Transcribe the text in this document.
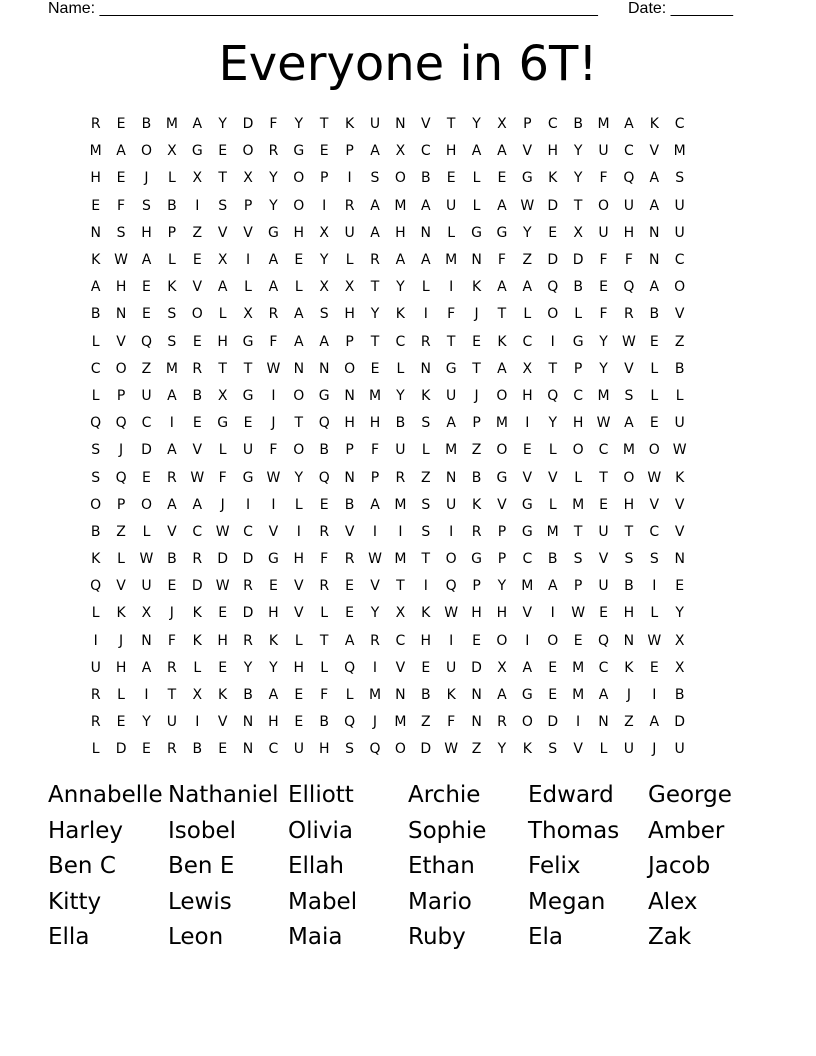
Name: ________________________________________________________ Date: _______
Everyone in 6T!
R	E	B	M	A	Y	D	F	Y	T	K	U	N	V	T	Y	X	P	C	B	M	A	K	C
M	A	O	X	G	E	O	R	G	E	P	A	X	C	H	A	A	V	H	Y	U	C	V	M
H	E	J	L	X	T	X	Y	O	P	I	S	O	B	E	L	E	G	K	Y	F	Q	A	S
E	F	S	B	I	S	P	Y	O	I	R	A	M	A	U	L	A W D	T	O	U	A	U
N	S	H	P	Z	V	V	G	H	X	U	A	H	N	L	G	G	Y	E	X	U	H	N	U
K W A	L	E	X	I	A	E	Y	L	R	A	A	M	N	F	Z	D	D	F	F	N	C
A	H	E	K	V	A	L	A	L	X	X	T	Y	L	I	K	A	A	Q	B	E	Q	A	O
B	N	E	S	O	L	X	R	A	S	H	Y	K	I	F	J	T	L	O	L	F	R	B	V
L	V	Q	S	E	H	G	F	A	A	P	T	C	R	T	E	K	C	I	G	Y	W	E	Z
C	O	Z	M	R	T	T	W N	N	O	E	L	N	G	T	A	X	T	P	Y	V	L	B
L	P	U	A	B	X	G	I	O	G	N	M	Y	K	U	J	O	H	Q	C	M	S	L	L
Q	Q	C	I	E	G	E	J	T	Q	H	H	B	S	A	P	M	I	Y	H W A	E	U
S	J	D	A	V	L	U	F	O	B	P	F	U	L	M	Z	O	E	L	O	C	M O W
S	Q	E	R W	F	G W	Y	Q	N	P	R	Z	N	B	G	V	V	L	T	O W K
O	P	O	A	A	J	I	I	L	E	B	A	M	S	U	K	V	G	L	M	E	H	V	V
B	Z	L	V	C W C	V	I	R	V	I	I	S	I	R	P	G M	T	U	T	C	V
K	L	W B	R	D	D	G	H	F	R W M	T	O	G	P	C	B	S	V	S	S	N
Q	V	U	E	D W R	E	V	R	E	V	T	I	Q	P	Y	M	A	P	U	B	I	E
L	K	X	J	K	E	D	H	V	L	E	Y	X	K W H	H	V	I	W	E	H	L	Y
I	J	N	F	K	H	R	K	L	T	A	R	C	H	I	E	O	I	O	E	Q	N W X
U	H	A	R	L	E	Y	Y	H	L	Q	I	V	E	U	D	X	A	E	M	C	K	E	X
R	L	I	T	X	K	B	A	E	F	L	M	N	B	K	N	A	G	E	M	A	J	I	B
R	E	Y	U	I	V	N	H	E	B	Q	J	M	Z	F	N	R	O	D	I	N	Z	A	D
L	D	E	R	B	E	N	C	U	H	S	Q	O	D W Z	Y	K	S	V	L	U	J	U
Annabelle Nathaniel Elliott	Archie	Edward	George
Harley	Isobel	Olivia	Sophie	Thomas	Amber
Ben C	Ben E	Ellah	Ethan	Felix	Jacob
Kitty	Lewis	Mabel	Mario	Megan	Alex
Ella	Leon	Maia	Ruby	Ela	Zak
